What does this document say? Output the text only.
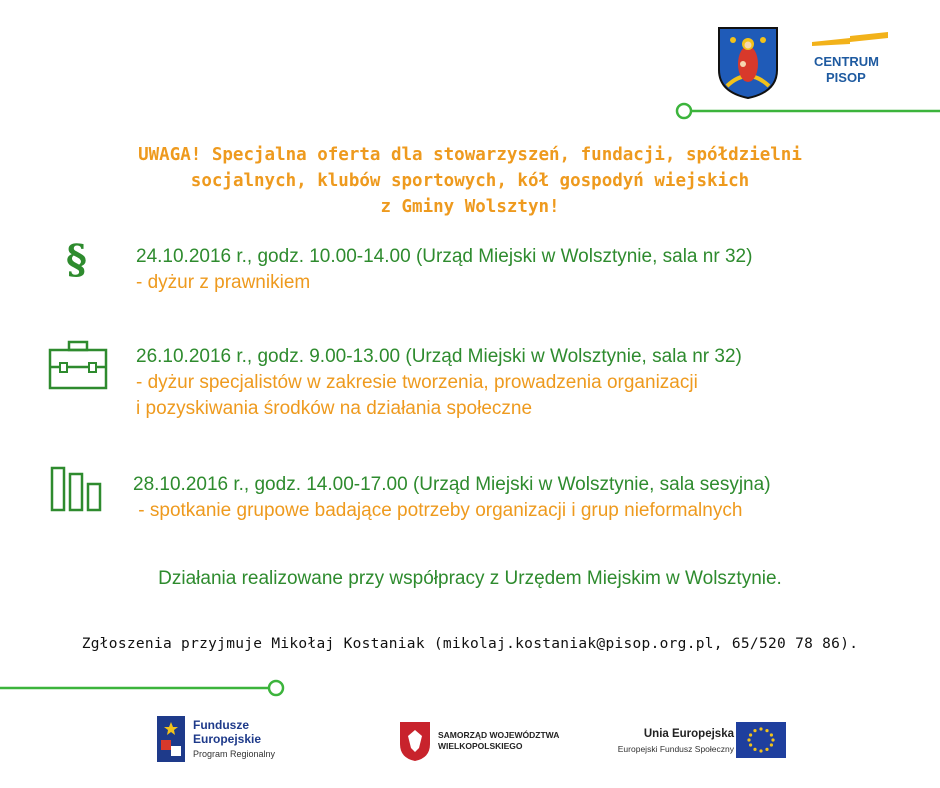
CENTRUM
PISOP
UWAGA! Specjalna oferta dla stowarzyszeń, fundacji, spółdzielni
socjalnych, klubów sportowych, kół gospodyń wiejskich
z Gminy Wolsztyn!
§	24.10.2016 r., godz. 10.00-14.00 (Urząd Miejski w Wolsztynie, sala nr 32)
- dyżur z prawnikiem
26.10.2016 r., godz. 9.00-13.00 (Urząd Miejski w Wolsztynie, sala nr 32)
- dyżur specjalistów w zakresie tworzenia, prowadzenia organizacji
i pozyskiwania środków na działania społeczne
28.10.2016 r., godz. 14.00-17.00 (Urząd Miejski w Wolsztynie, sala sesyjna)
- spotkanie grupowe badające potrzeby organizacji i grup nieformalnych
Działania realizowane przy współpracy z Urzędem Miejskim w Wolsztynie.
Zgłoszenia przyjmuje Mikołaj Kostaniak (mikolaj.kostaniak@pisop.org.pl, 65/520 78 86).
Fundusze
Europejskie
Program Regionalny
SAMORZĄD WOJEWÓDZTWA
WIELKOPOLSKIEGO
Unia Europejska
Europejski Fundusz Społeczny
